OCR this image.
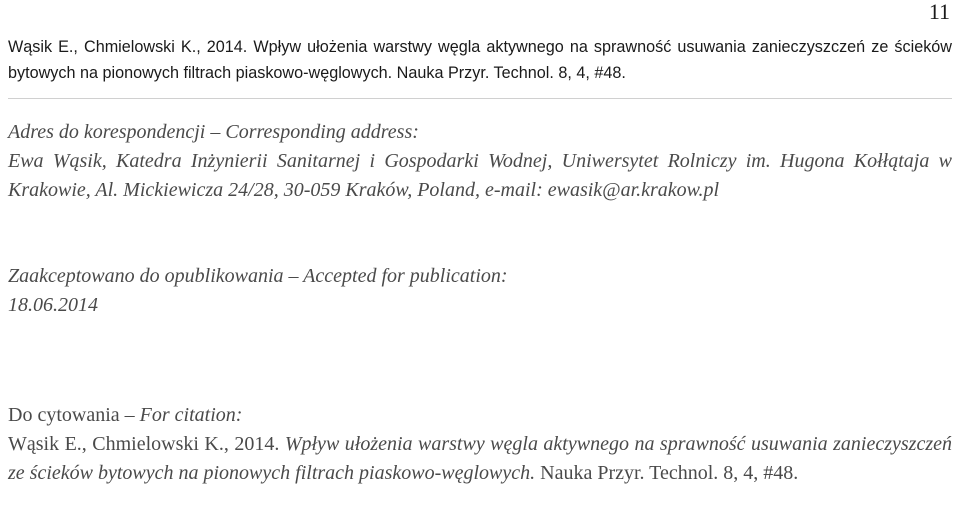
11
Wąsik E., Chmielowski K., 2014. Wpływ ułożenia warstwy węgla aktywnego na sprawność usuwania zanieczyszczeń ze ścieków bytowych na pionowych filtrach piaskowo-węglowych. Nauka Przyr. Technol. 8, 4, #48.
Adres do korespondencji – Corresponding address:
Ewa Wąsik, Katedra Inżynierii Sanitarnej i Gospodarki Wodnej, Uniwersytet Rolniczy im. Hugona Kołłątaja w Krakowie, Al. Mickiewicza 24/28, 30-059 Kraków, Poland, e-mail: ewasik@ar.krakow.pl
Zaakceptowano do opublikowania – Accepted for publication:
18.06.2014
Do cytowania – For citation:
Wąsik E., Chmielowski K., 2014. Wpływ ułożenia warstwy węgla aktywnego na sprawność usuwania zanieczyszczeń ze ścieków bytowych na pionowych filtrach piaskowo-węglowych. Nauka Przyr. Technol. 8, 4, #48.
